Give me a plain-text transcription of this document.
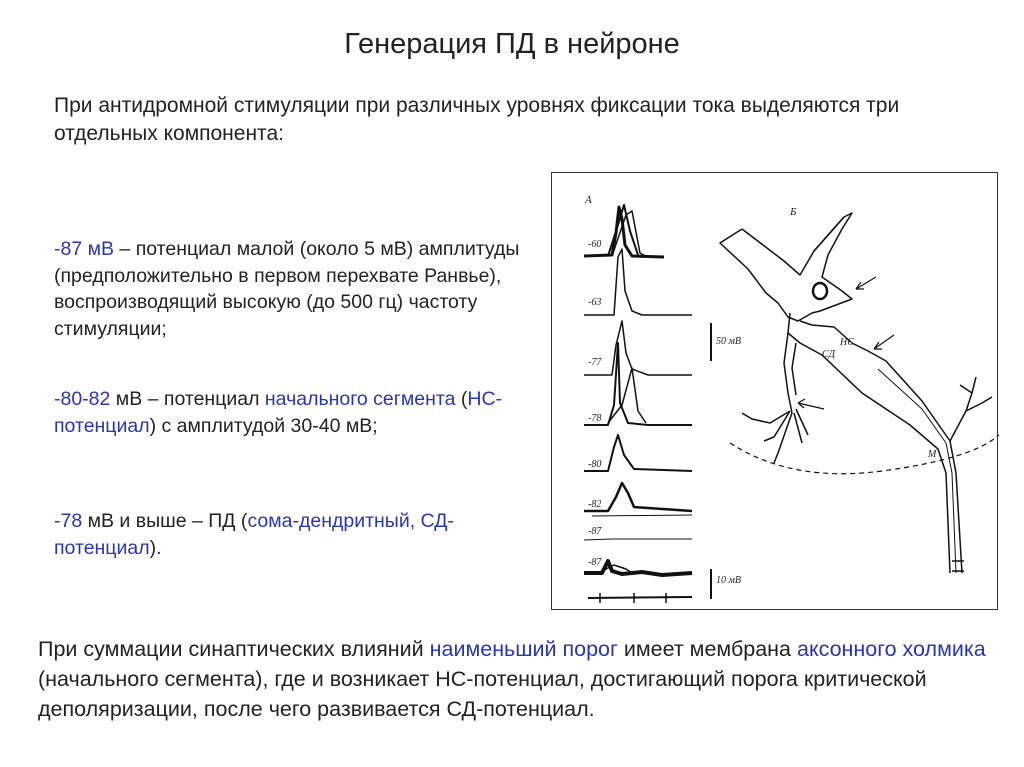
Генерация ПД в нейроне
При антидромной стимуляции при различных уровнях фиксации тока выделяются три отдельных компонента:
-87 мВ – потенциал малой (около 5 мВ) амплитуды (предположительно в первом перехвате Ранвье), воспроизводящий высокую (до 500 гц) частоту стимуляции;
-80-82 мВ – потенциал начального сегмента (НС-потенциал) с амплитудой 30-40 мВ;
-78 мВ и выше – ПД (сома-дендритный, СД-потенциал).
А
-60
-63
-77
-78
-80
-82
-87
-87
50 мВ
10 мВ
Б
НС
СД
М
При суммации синаптических влияний наименьший порог имеет мембрана аксонного холмика (начального сегмента), где и возникает НС-потенциал, достигающий порога критической деполяризации, после чего развивается СД-потенциал.
